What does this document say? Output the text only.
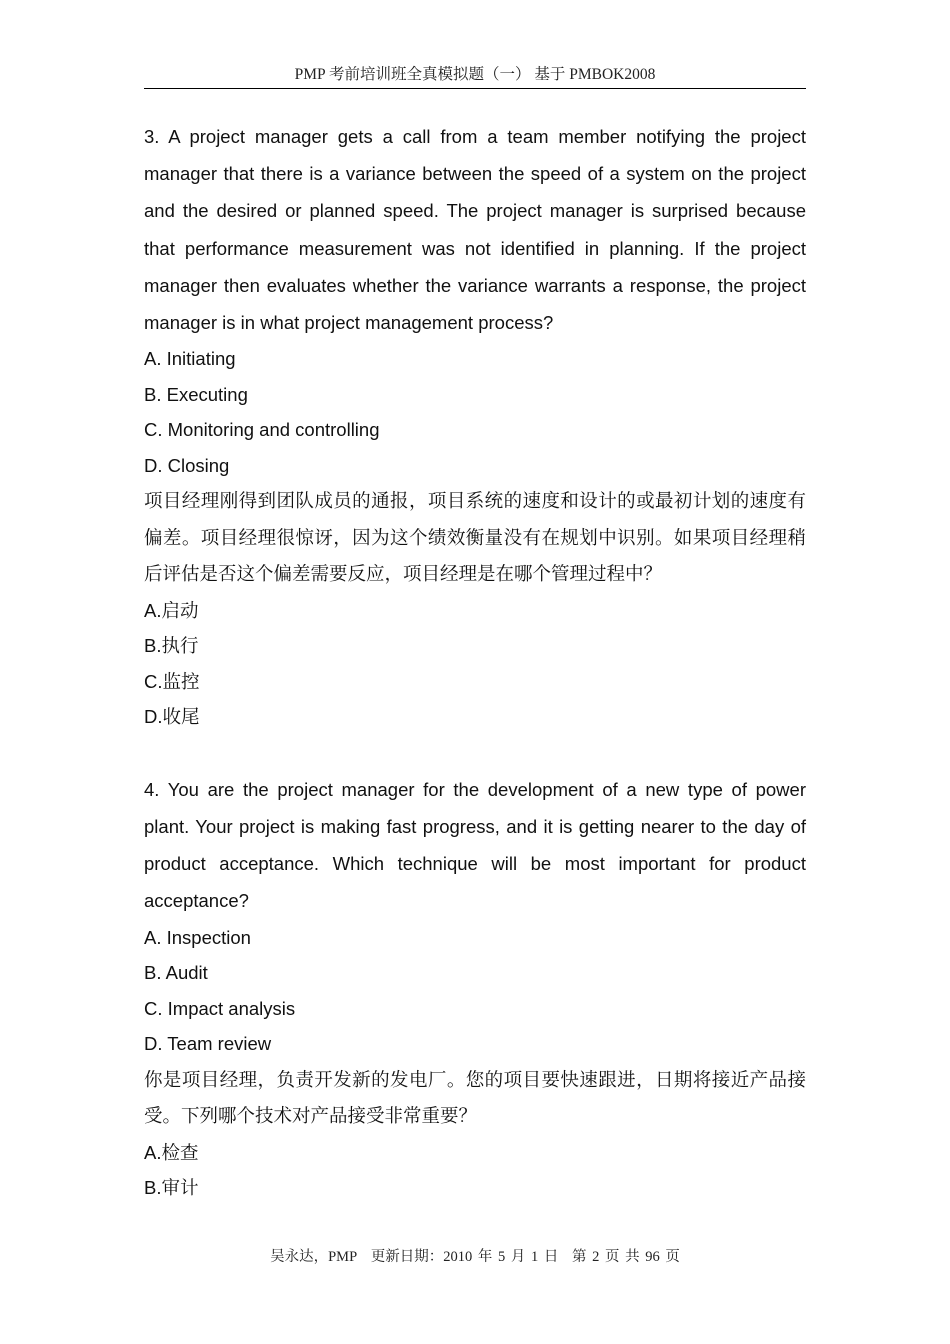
PMP 考前培训班全真模拟题（一） 基于 PMBOK2008

3. A project manager gets a call from a team member notifying the project manager that there is a variance between the speed of a system on the project and the desired or planned speed. The project manager is surprised because that performance measurement was not identified in planning. If the project manager then evaluates whether the variance warrants a response, the project manager is in what project management process?

A. Initiating

B. Executing

C. Monitoring and controlling

D. Closing

项目经理刚得到团队成员的通报，项目系统的速度和设计的或最初计划的速度有偏差。项目经理很惊讶，因为这个绩效衡量没有在规划中识别。如果项目经理稍后评估是否这个偏差需要反应，项目经理是在哪个管理过程中？

A.启动

B.执行

C.监控

D.收尾

4. You are the project manager for the development of a new type of power plant. Your project is making fast progress, and it is getting nearer to the day of product acceptance. Which technique will be most important for product acceptance?

A. Inspection

B. Audit

C. Impact analysis

D. Team review

你是项目经理，负责开发新的发电厂。您的项目要快速跟进，日期将接近产品接受。下列哪个技术对产品接受非常重要？

A.检查

B.审计

吴永达，PMP 更新日期：2010 年 5 月 1 日 第 2 页 共 96 页
